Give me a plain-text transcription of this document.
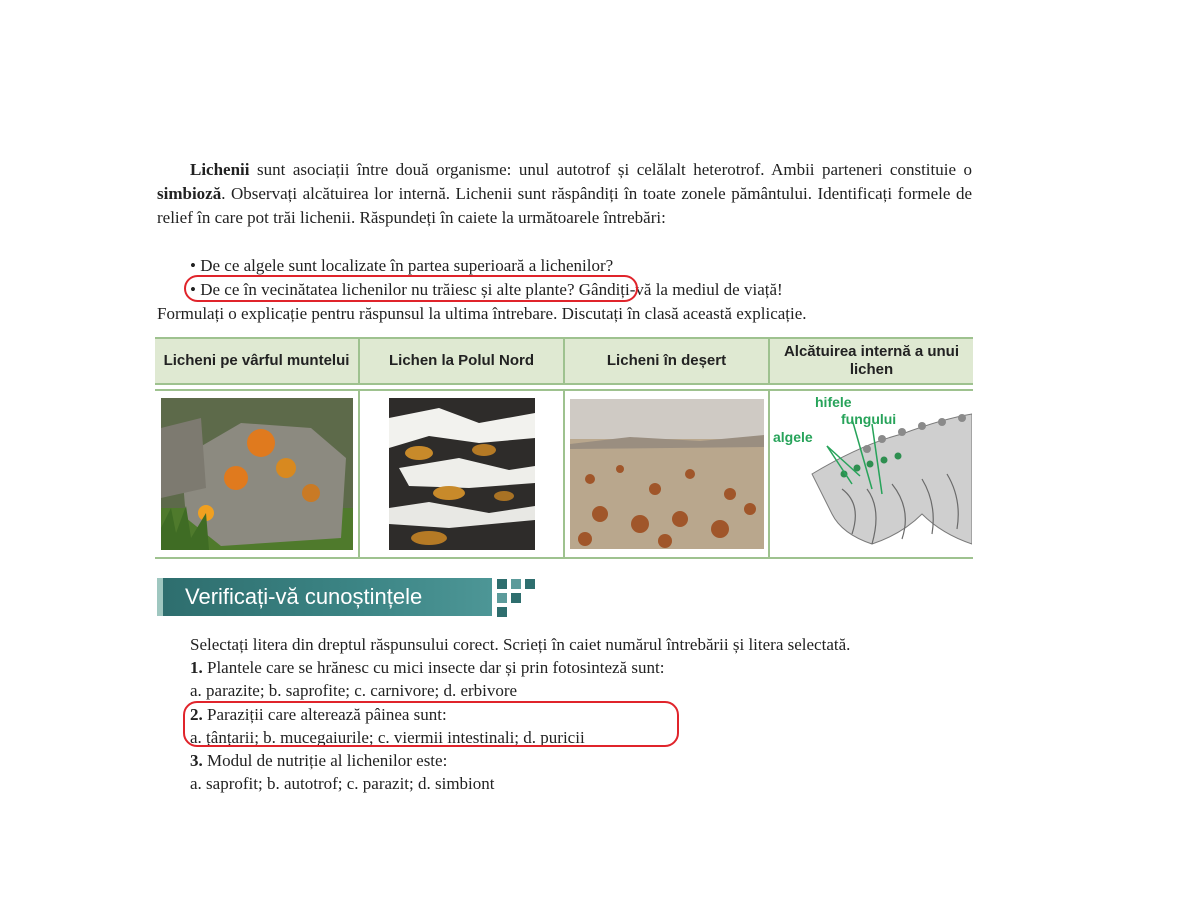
Lichenii sunt asociații între două organisme: unul autotrof și celălalt heterotrof. Ambii parteneri constituie o simbioză. Observați alcătuirea lor internă. Lichenii sunt răspândiți în toate zonele pământului. Identificați formele de relief în care pot trăi lichenii. Răspundeți în caiete la următoarele întrebări:
• De ce algele sunt localizate în partea superioară a lichenilor?
• De ce în vecinătatea lichenilor nu trăiesc și alte plante? Gândiți-vă la mediul de viață!
Formulați o explicație pentru răspunsul la ultima întrebare. Discutați în clasă această explicație.
Licheni pe vârful muntelui	Lichen la Polul Nord	Licheni în deșert
Alcătuirea internă a unui lichen
hifele
fungului
algele
Verificați-vă cunoștințele
Selectați litera din dreptul răspunsului corect. Scrieți în caiet numărul întrebării și litera selectată.
1. Plantele care se hrănesc cu mici insecte dar și prin fotosinteză sunt:
a. parazite; b. saprofite; c. carnivore; d. erbivore
2. Paraziții care alterează pâinea sunt:
a. țânțarii; b. mucegaiurile; c. viermii intestinali; d. puricii
3. Modul de nutriție al lichenilor este:
a. saprofit; b. autotrof; c. parazit; d. simbiont
